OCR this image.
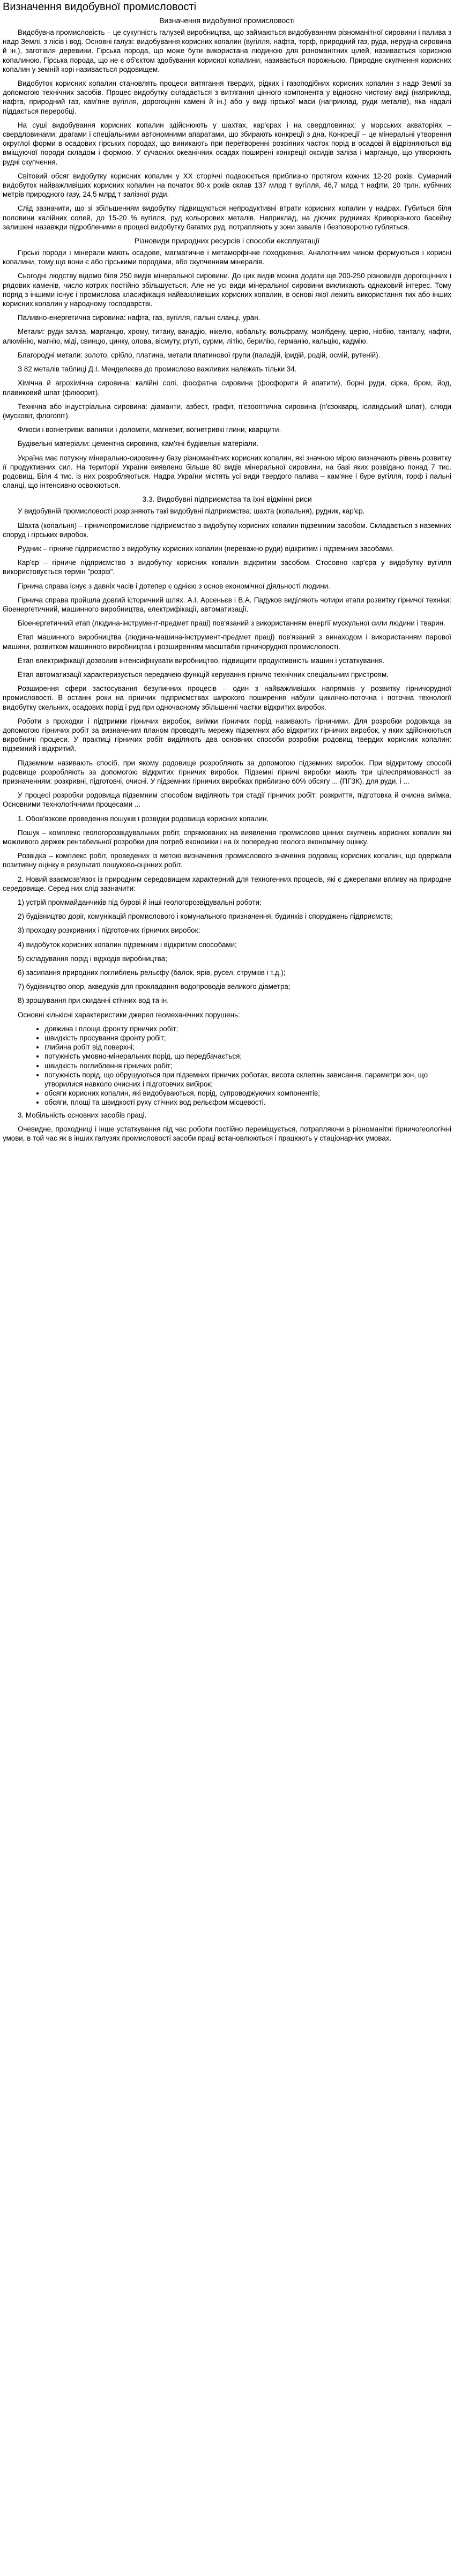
Визначення видобувної промисловості
Визначення видобувної промисловості

Видобувна промисловість – це сукупність галузей виробництва, що займаються видобуванням різноманітної сировини і палива з надр Землі, з лісів і вод. Основні галузі: видобування корисних копалин (вугілля, нафта, торф, природний газ, руда, нерудна сировина й ін.), заготівля деревини. Гірська порода, що може бути використана людиною для різноманітних цілей, називається корисною копалиною. Гірська порода, що не є об'єктом здобування корисної копалини, називається порожньою. Природне скупчення корисних копалин у земній корі називається родовищем.

Видобуток корисних копалин становлять процеси витягання твердих, рідких і газоподібних корисних копалин з надр Землі за допомогою технічних засобів. Процес видобутку складається з витягання цінного компонента у відносно чистому виді (наприклад, нафта, природний газ, кам'яне вугілля, дорогоцінні камені й ін.) або у виді гірської маси (наприклад, руди металів), яка надалі піддається переробці.

На суші видобування корисних копалин здійснюють у шахтах, кар'єрах і на свердловинах; у морських акваторіях – свердловинами; драгами і спеціальними автономними апаратами, що збирають конкреції з дна. Конкреції – це мінеральні утворення округлої форми в осадових гірських породах, що виникають при перетворенні розсіяних часток порід в осадові й відрізняються від вміщуючої породи складом і формою. У сучасних океанічних осадах поширені конкреції оксидів заліза і марганцю, що утворюють рудні скупчення.

Світовий обсяг видобутку корисних копалин у XX сторіччі подвоюється приблизно протягом кожних 12-20 років. Сумарний видобуток найважливіших корисних копалин на початок 80-х років склав 137 млрд т вугілля, 46,7 млрд т нафти, 20 трлн. кубічних метрів природного газу, 24,5 млрд т залізної руди.

Слід зазначити, що зі збільшенням видобутку підвищуються непродуктивні втрати корисних копалин у надрах. Губиться біля половини калійних солей, до 15-20 % вугілля, руд кольорових металів. Наприклад, на діючих рудниках Криворізького басейну залишені назавжди підробленими в процесі видобутку багатих руд, потрапляють у зони завалів і безповоротно губляться.

Різновиди природних ресурсів і способи експлуатації

Гірські породи і мінерали мають осадове, магматичне і метаморфічне походження. Аналогічним чином формуються і корисні копалини, тому що вони є або гірськими породами, або скупченням мінералів.

Сьогодні людству відомо біля 250 видів мінеральної сировини. До цих видів можна додати ще 200-250 різновидів дорогоцінних і рядових каменів, число котрих постійно збільшується. Але не усі види мінеральної сировини викликають однаковий інтерес. Тому поряд з іншими існує і промислова класифікація найважливіших корисних копалин, в основі якої лежить використання тих або інших корисних копалин у народному господарстві.

Паливно-енергетична сировина: нафта, газ, вугілля, пальні сланці, уран.

Метали: руди заліза, марганцю, хрому, титану, ванадію, нікелю, кобальту, вольфраму, молібдену, церію, ніобію, танталу, нафти, алюмінію, магнію, міді, свинцю, цинку, олова, вісмуту, ртуті, сурми, літію, берилію, германію, кальцію, кадмію.

Благородні метали: золото, срібло, платина, метали платинової групи (паладій, іридій, родій, осмій, рутеній).

З 82 металів таблиці Д.І. Менделєєва до промислово важливих належать тільки 34.

Хімічна й агрохімічна сировина: калійні солі, фосфатна сировина (фосфорити й апатити), борні руди, сірка, бром, йод, плавиковий шпат (флюорит).

Технічна або індустріальна сировина: діаманти, азбест, графіт, п'єзооптична сировина (п'єзокварц, ісландський шпат), слюди (мусковіт, флогопіт).

Флюси і вогнетриви: вапняки і доломіти, магнезит, вогнетривкі глини, кварцити.

Будівельні матеріали: цементна сировина, кам'яні будівельні матеріали.

Україна має потужну мінерально-сировинну базу різноманітних корисних копалин, які значною мірою визначають рівень розвитку її продуктивних сил. На території України виявлено більше 80 видів мінеральної сировини, на базі яких розвідано понад 7 тис. родовищ. Біля 4 тис. із них розробляються. Надра України містять усі види твердого палива – кам'яне і буре вугілля, торф і пальні сланці, що інтенсивно освоюються.

3.3. Видобувні підприємства та їхні відмінні риси

У видобувній промисловості розрізняють такі видобувні підприємства: шахта (копальня), рудник, кар'єр.

Шахта (копальня) – гірничопромислове підприємство з видобутку корисних копалин підземним засобом. Складається з наземних споруд і гірських виробок.

Рудник – гірниче підприємство з видобутку корисних копалин (переважно руди) відкритим і підземним засобами.

Кар'єр – гірниче підприємство з видобутку корисних копалин відкритим засобом. Стосовно кар'єра у видобутку вугілля використовується термін "розріз".

Гірнича справа існує з давніх часів і дотепер є однією з основ економічної діяльності людини.

Гірнича справа пройшла довгий історичний шлях. А.І. Арсеньєв і В.А. Падуков виділяють чотири етапи розвитку гірничої техніки: біоенергетичний, машинного виробництва, електрифікації, автоматизації.

Біоенергетичний етап (людина-інструмент-предмет праці) пов'язаний з використанням енергії мускульної сили людини і тварин.

Етап машинного виробництва (людина-машина-інструмент-предмет праці) пов'язаний з винаходом і використанням парової машини, розвитком машинного виробництва і розширенням масштабів гірничорудної промисловості.

Етап електрифікації дозволив інтенсифікувати виробництво, підвищити продуктивність машин і устаткування.

Етап автоматизації характеризується передачею функцій керування гірничо технічних спеціальним пристроям.

Розширення сфери застосування безупинних процесів – один з найважливіших напрямків у розвитку гірничорудної промисловості. В останні роки на гірничих підприємствах широкого поширення набули циклічно-поточна і поточна технології видобутку скельних, осадових порід і руд при одночасному збільшенні частки відкритих виробок.

Роботи з проходки і підтримки гірничих виробок, виїмки гірничих порід називають гірничими. Для розробки родовища за допомогою гірничих робіт за визначеним планом проводять мережу підземних або відкритих гірничих виробок, у яких здійснюються виробничі процеси. У практиці гірничих робіт виділяють два основних способи розробки родовищ твердих корисних копалин: підземний і відкритий.

Підземним називають спосіб, при якому родовище розробляють за допомогою підземних виробок. При відкритому способі родовище розробляють за допомогою відкритих гірничих виробок. Підземні гірничі виробки мають три цілеспрямованості за призначенням: розкривні, підготовчі, очисні. У підземних гірничих виробках приблизно 60% обсягу ... (ПГЗК), для руди, і ...

У процесі розробки родовища підземним способом виділяють три стадії гірничих робіт: розкриття, підготовка й очисна виїмка. Основними технологічними процесами ...

1. Обов'язкове проведення пошуків і розвідки родовища корисних копалин.

Пошук – комплекс геологорозвідувальних робіт, спрямованих на виявлення промислово цінних скупчень корисних копалин які можливого держек рентабельної розробки для потреб економіки і на їх попередню геолого економічну оцінку.

Розвідка – комплекс робіт, проведених із метою визначення промислового значення родовищ корисних копалин, що одержали позитивну оцінку в результаті пошуково-оцінних робіт.

2. Новий взаємозв'язок із природним середовищем характерний для техногенних процесів, які є джерелами впливу на природне середовище. Серед них слід зазначити:

1) устрій проммайданчиків під бурові й інші геологорозвідувальні роботи;

2) будівництво доріг, комунікацій промислового і комунального призначення, будинків і споруджень підприємств;

3) проходку розкривних і підготовчих гірничих виробок;

4) видобуток корисних копалин підземним і відкритим способами;

5) складування порід і відходів виробництва;

6) засипання природних поглиблень рельєфу (балок, ярів, русел, струмків і т.д.);

7) будівництво опор, акведуків для прокладання водопроводів великого діаметра;

8) зрошування при скиданні стічних вод та ін.

Основні кількісні характеристики джерел геомеханічних порушень:

• довжина і площа фронту гірничих робіт;
• швидкість просування фронту робіт;
• глибина робіт від поверхні;
• потужність умовно-мінеральних порід, що передбачається;
• швидкість поглиблення гірничих робіт;
• потужність порід, що обрушуються при підземних гірничих роботах, висота склепінь зависання, параметри зон, що утворилися навколо очисних і підготовчих вибірок;
• обсяги корисних копалин, які видобуваються, порід, супроводжуючих компонентів;
• обсяги, площі та швидкості руху стічних вод рельєфом місцевості.

3. Мобільність основних засобів праці.

Очевидне, проходниці і інше устаткування під час роботи постійно переміщується, потрапляючи в різноманітні гірничогеологічні умови, в той час як в інших галузях промисловості засоби праці встановлюються і працюють у стаціонарних умовах.
